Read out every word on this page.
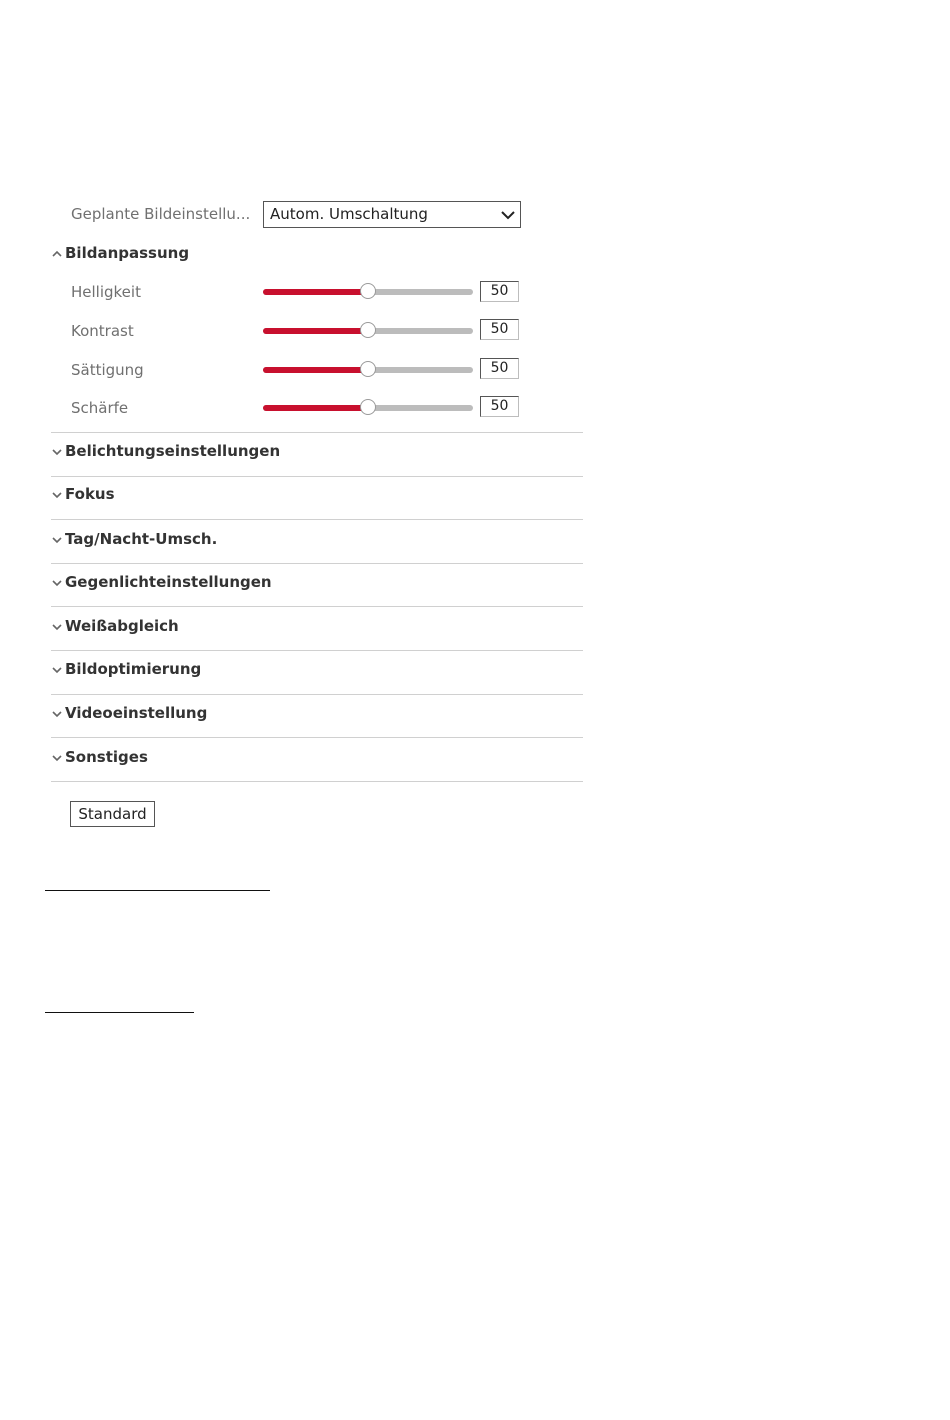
Geplante Bildeinstellu... Autom. Umschaltung
Bildanpassung
Helligkeit	50
Kontrast	50
Sättigung	50
Schärfe	50
Belichtungseinstellungen
Fokus
Tag/Nacht-Umsch.
Gegenlichteinstellungen
Weißabgleich
Bildoptimierung
Videoeinstellung
Sonstiges
Standard
